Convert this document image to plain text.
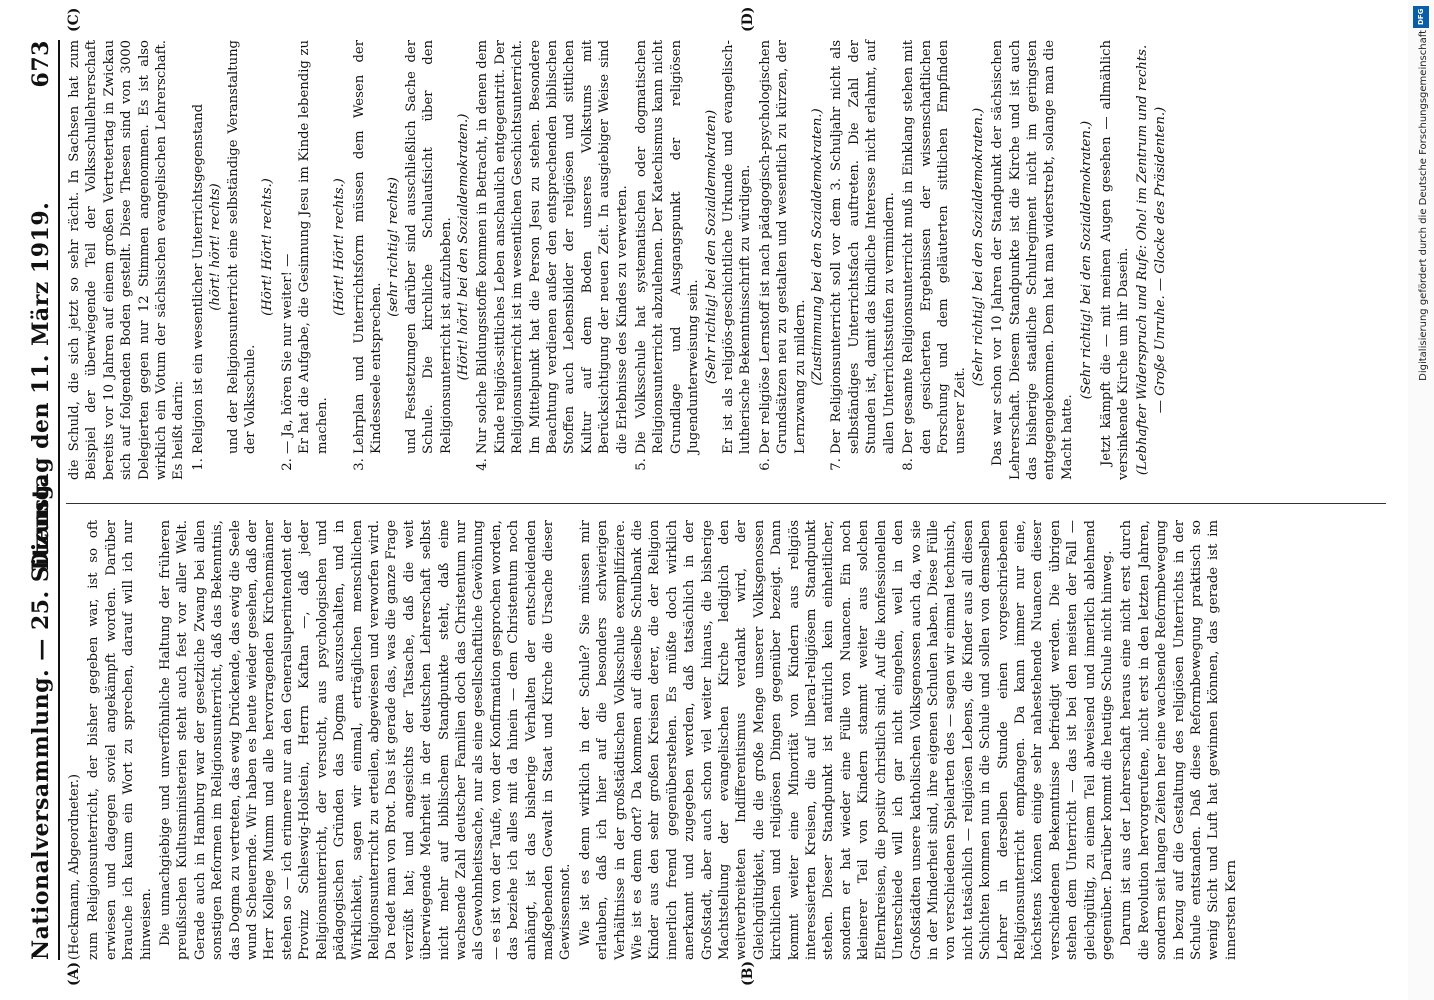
Nationalversammlung. — 25. Sitzung.
Dienstag den 11. März 1919.              673
(A)	(B)
(C)	(D)

(Heckmann, Abgeordneter.) zum Religionsunterricht, der bisher gegeben war, ist so oft erwiesen und dagegen soviel angekämpft worden. Darüber brauche ich kaum ein Wort zu sprechen, darauf will ich nur hinweisen. Die unnachgiebige und unverföhnliche Haltung der früheren preußischen Kultusministerien steht auch fest vor aller Welt. Gerade auch in Hamburg war der gesetzliche Zwang bei allen sonstigen Reformen im Religionsunterricht, daß das Bekenntnis, das Dogma zu vertreten, das ewig Drückende, das ewig die Seele wund Scheuernde. Wir haben es heute wieder gesehen, daß der Herr Kollege Mumm und alle hervorragenden Kirchenmänner stehen so — ich erinnere nur an den Generalsuperintendent der Provinz Schleswig-Holstein, Herrn Kaftan —, daß jeder Religionsunterricht, der versucht, aus psychologischen und pädagogischen Gründen das Dogma auszuschalten, und in Wirklichkeit, sagen wir einmal, erträglichen menschlichen Religionsunterricht zu erteilen, abgewiesen und verworfen wird. Da redet man von Brot. Das ist gerade das, was die ganze Frage verzüßt hat; und angesichts der Tatsache, daß die weit überwiegende Mehrheit in der deutschen Lehrerschaft selbst nicht mehr auf biblischem Standpunkte steht, daß eine wachsende Zahl deutscher Familien doch das Christentum nur als Gewohnheitssache, nur als eine gesellschaftliche Gewöhnung — es ist von der Taufe, von der Konfirmation gesprochen worden, das beziehe ich alles mit da hinein — dem Christentum noch anhängt, ist das bisherige Verhalten der entscheidenden maßgebenden Gewalt in Staat und Kirche die Ursache dieser Gewissensnot. Wie ist es denn wirklich in der Schule? Sie müssen mir erlauben, daß ich hier auf die besonders schwierigen Verhältnisse in der großstädtischen Volksschule exemplifiziere. Wie ist es denn dort? Da kommen auf dieselbe Schulbank die Kinder aus den sehr großen Kreisen derer, die der Religion innerlich fremd gegenüberstehen. Es müßte doch wirklich anerkannt und zugegeben werden, daß tatsächlich in der Großstadt, aber auch schon viel weiter hinaus, die bisherige Machtstellung der evangelischen Kirche lediglich den weitverbreiteten Indifferentismus verdankt wird, der Gleichgültigkeit, die die große Menge unserer Volksgenossen kirchlichen und religiösen Dingen gegenüber bezeigt. Dann kommt weiter eine Minorität von Kindern aus religiös interessierten Kreisen, die auf liberal-religiösem Standpunkt stehen. Dieser Standpunkt ist natürlich kein einheitlicher, sondern er hat wieder eine Fülle von Nuancen. Ein noch kleinerer Teil von Kindern stammt weiter aus solchen Elternkreisen, die positiv christlich sind. Auf die konfessionellen Unterschiede will ich gar nicht eingehen, weil in den Großstädten unsere katholischen Volksgenossen auch da, wo sie in der Minderheit sind, ihre eigenen Schulen haben. Diese Fülle von verschiedenen Spielarten des — sagen wir einmal technisch, nicht tatsächlich — religiösen Lebens, die Kinder aus all diesen Schichten kommen nun in die Schule und sollen von demselben Lehrer in derselben Stunde einen vorgeschriebenen Religionsunterricht empfangen. Da kann immer nur eine, höchstens können einige sehr nahestehende Nuancen dieser verschiedenen Bekenntnisse befriedigt werden. Die übrigen stehen dem Unterricht — das ist bei den meisten der Fall — gleichgültig, zu einem Teil abweisend und innerlich ablehnend gegenüber. Darüber kommt die heutige Schule nicht hinweg. Darum ist aus der Lehrerschaft heraus eine nicht erst durch die Revolution hervorgerufene, nicht erst in den letzten Jahren, sondern seit langen Zeiten her eine wachsende Reformbewegung in bezug auf die Gestaltung des religiösen Unterrichts in der Schule entstanden. Daß diese Reformbewegung praktisch so wenig Sicht und Luft hat gewinnen können, das gerade ist im innersten Kern

die Schuld, die sich jetzt so sehr rächt. In Sachsen hat zum Beispiel der überwiegende Teil der Volksschullehrerschaft bereits vor 10 Jahren auf einem großen Vertretertag in Zwickau sich auf folgenden Boden gestellt. Diese Thesen sind von 3000 Delegierten gegen nur 12 Stimmen angenommen. Es ist also wirklich ein Votum der sächsischen evangelischen Lehrerschaft. Es heißt darin: 1. Religion ist ein wesentlicher Unterrichtsgegenstand (hört! hört! rechts) und der Religionsunterricht eine selbständige Veranstaltung der Volksschule.
(Hört! Hört! rechts.)
2. — Ja, hören Sie nur weiter! — Er hat die Aufgabe, die Gesinnung Jesu im Kinde lebendig zu machen.
(Hört! Hört! rechts.) 3. Lehrplan und Unterrichtsform müssen dem Wesen der Kindesseele entsprechen.
(sehr richtig! rechts) und Festsetzungen darüber sind ausschließlich Sache der Schule. Die kirchliche Schulaufsicht über den Religionsunterricht ist aufzuheben. (Hört! hört! bei den Sozialdemokraten.) 4. Nur solche Bildungsstoffe kommen in Betracht, in denen dem Kinde religiös-sittliches Leben anschaulich entgegentritt. Der Religionsunterricht ist im wesentlichen Geschichtsunterricht. Im Mittelpunkt hat die Person Jesu zu stehen. Besondere Beachtung verdienen außer den entsprechenden biblischen Stoffen auch Lebensbilder der religiösen und sittlichen Kultur auf dem Boden unseres Volkstums mit Berücksichtigung der neuen Zeit. In ausgiebiger Weise sind die Erlebnisse des Kindes zu verwerten. 5. Die Volksschule hat systematischen oder dogmatischen Religionsunterricht abzulehnen. Der Katechismus kann nicht Grundlage und Ausgangspunkt der religiösen Jugendunterweisung sein. (Sehr richtig! bei den Sozialdemokraten) Er ist als religiös-geschichtliche Urkunde und evangelisch-lutherische Bekenntnisschrift zu würdigen. 6. Der religiöse Lernstoff ist nach pädagogisch-psychologischen Grundsätzen neu zu gestalten und wesentlich zu kürzen, der Lernzwang zu mildern. (Zustimmung bei den Sozialdemokraten.) 7. Der Religionsunterricht soll vor dem 3. Schuljahr nicht als selbständiges Unterrichtsfach auftreten. Die Zahl der Stunden ist, damit das kindliche Interesse nicht erlahmt, auf allen Unterrichtsstufen zu vermindern. 8. Der gesamte Religionsunterricht muß in Einklang stehen mit den gesicherten Ergebnissen der wissenschaftlichen Forschung und dem geläuterten sittlichen Empfinden unserer Zeit.
(Sehr richtig! bei den Sozialdemokraten.) Das war schon vor 10 Jahren der Standpunkt der sächsischen Lehrerschaft. Diesem Standpunkte ist die Kirche und ist auch das bisherige staatliche Schulregiment nicht im geringsten entgegengekommen. Dem hat man widerstrebt, solange man die Macht hatte.

(Sehr richtig! bei den Sozialdemokraten.) Jetzt kämpft die — mit meinen Augen gesehen — allmählich versinkende Kirche um ihr Dasein. (Lebhafter Widerspruch und Rufe: Oho! im Zentrum und rechts. — Große Unruhe. — Glocke des Präsidenten.)

DFG
Digitalisierung gefördert durch die Deutsche Forschungsgemeinschaft
